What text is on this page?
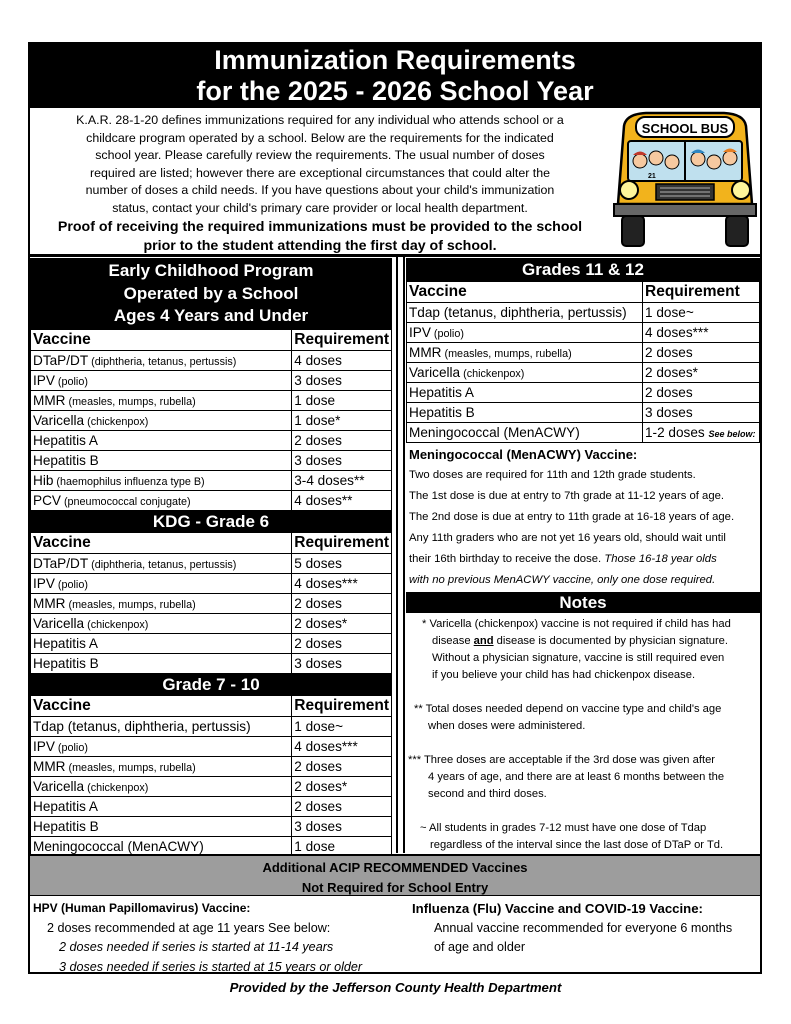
Immunization Requirements
for the 2025 - 2026 School Year
K.A.R. 28-1-20 defines immunizations required for any individual who attends school or a
childcare program operated by a school. Below are the requirements for the indicated
school year. Please carefully review the requirements. The usual number of doses
required are listed; however there are exceptional circumstances that could alter the
number of doses a child needs. If you have questions about your child's immunization
status, contact your child's primary care provider or local health department.
Proof of receiving the required immunizations must be provided to the school
prior to the student attending the first day of school.
SCHOOL BUS
21
Early Childhood Program
Operated by a School
Ages 4 Years and Under
Vaccine	Requirement
DTaP/DT (diphtheria, tetanus, pertussis)	4 doses
IPV (polio)	3 doses
MMR (measles, mumps, rubella)	1 dose
Varicella (chickenpox)	1 dose*
Hepatitis A	2 doses
Hepatitis B	3 doses
Hib (haemophilus influenza type B)	3-4 doses**
PCV (pneumococcal conjugate)	4 doses**
KDG - Grade 6
Vaccine	Requirement
DTaP/DT (diphtheria, tetanus, pertussis)	5 doses
IPV (polio)	4 doses***
MMR (measles, mumps, rubella)	2 doses
Varicella (chickenpox)	2 doses*
Hepatitis A	2 doses
Hepatitis B	3 doses
Grade 7 - 10
Vaccine	Requirement
Tdap (tetanus, diphtheria, pertussis)	1 dose~
IPV (polio)	4 doses***
MMR (measles, mumps, rubella)	2 doses
Varicella (chickenpox)	2 doses*
Hepatitis A	2 doses
Hepatitis B	3 doses
Meningococcal (MenACWY)	1 dose
Grades 11 & 12
Vaccine	Requirement
Tdap (tetanus, diphtheria, pertussis)	1 dose~
IPV (polio)	4 doses***
MMR (measles, mumps, rubella)	2 doses
Varicella (chickenpox)	2 doses*
Hepatitis A	2 doses
Hepatitis B	3 doses
Meningococcal (MenACWY)	1-2 doses See below:
Meningococcal (MenACWY) Vaccine:
Two doses are required for 11th and 12th grade students.
The 1st dose is due at entry to 7th grade at 11-12 years of age.
The 2nd dose is due at entry to 11th grade at 16-18 years of age.
Any 11th graders who are not yet 16 years old, should wait until
their 16th birthday to receive the dose. Those 16-18 year olds
with no previous MenACWY vaccine, only one dose required.
Notes
* Varicella (chickenpox) vaccine is not required if child has had
disease and disease is documented by physician signature.
Without a physician signature, vaccine is still required even
if you believe your child has had chickenpox disease.
** Total doses needed depend on vaccine type and child's age
when doses were administered.
*** Three doses are acceptable if the 3rd dose was given after
4 years of age, and there are at least 6 months between the
second and third doses.
~ All students in grades 7-12 must have one dose of Tdap
regardless of the interval since the last dose of DTaP or Td.
Additional ACIP RECOMMENDED Vaccines
Not Required for School Entry
HPV (Human Papillomavirus) Vaccine:
2 doses recommended at age 11 years See below:
2 doses needed if series is started at 11-14 years
3 doses needed if series is started at 15 years or older
Influenza (Flu) Vaccine and COVID-19 Vaccine:
Annual vaccine recommended for everyone 6 months
of age and older
Provided by the Jefferson County Health Department
